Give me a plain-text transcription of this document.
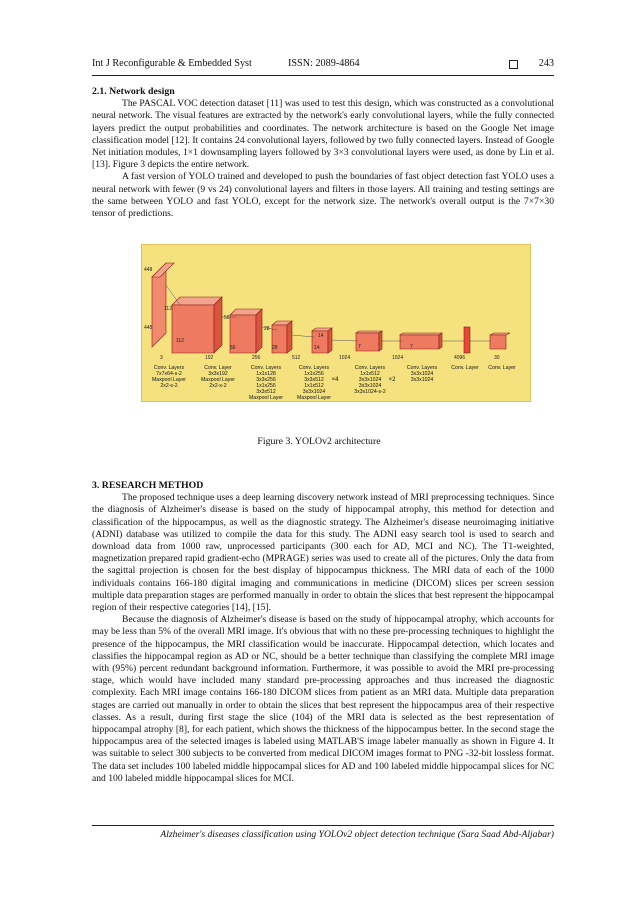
Int J Reconfigurable & Embedded Syst	ISSN: 2089-4864	243
2.1. Network design

The PASCAL VOC detection dataset [11] was used to test this design, which was constructed as a convolutional neural network. The visual features are extracted by the network's early convolutional layers, while the fully connected layers predict the output probabilities and coordinates. The network architecture is based on the Google Net image classification model [12]. It contains 24 convolutional layers, followed by two fully connected layers. Instead of Google Net initiation modules, 1×1 downsampling layers followed by 3×3 convolutional layers were used, as done by Lin et al. [13]. Figure 3 depicts the entire network.

A fast version of YOLO trained and developed to push the boundaries of fast object detection fast YOLO uses a neural network with fewer (9 vs 24) convolutional layers and filters in those layers. All training and testing settings are the same between YOLO and fast YOLO, except for the network size. The network's overall output is the 7×7×30 tensor of predictions.

448
112
448
3
112
56
192
56
28
256
28
512
14
14
1024
7
1024
7
4096	30
Conv. Layers
7x7x64-s-2
Maxpool Layer
2x2-s-2
Conv. Layer
3x3x192
Maxpool Layer
2x2-s-2
Conv. Layers
1x1x128
3x3x256
1x1x256
3x3x512
Maxpool Layer
Conv. Layers
1x1x256
3x3x512
1x1x512
3x3x1024
Maxpool Layer
×4
Conv. Layers
1x1x512
3x3x1024
3x3x1024
3x3x1024-s-2
×2
Conv. Layers
3x3x1024
3x3x1024
Conv. Layer Conv. Layer
Figure 3. YOLOv2 architecture
3. RESEARCH METHOD

The proposed technique uses a deep learning discovery network instead of MRI preprocessing techniques. Since the diagnosis of Alzheimer's disease is based on the study of hippocampal atrophy, this method for detection and classification of the hippocampus, as well as the diagnostic strategy. The Alzheimer's disease neuroimaging initiative (ADNI) database was utilized to compile the data for this study. The ADNI easy search tool is used to search and download data from 1000 raw, unprocessed participants (300 each for AD, MCI and NC). The T1-weighted, magnetization prepared rapid gradient-echo (MPRAGE) series was used to create all of the pictures. Only the data from the sagittal projection is chosen for the best display of hippocampus thickness. The MRI data of each of the 1000 individuals contains 166-180 digital imaging and communications in medicine (DICOM) slices per screen session multiple data preparation stages are performed manually in order to obtain the slices that best represent the hippocampal region of their respective categories [14], [15].

Because the diagnosis of Alzheimer's disease is based on the study of hippocampal atrophy, which accounts for may be less than 5% of the overall MRI image. It's obvious that with no these pre-processing techniques to highlight the presence of the hippocampus, the MRI classification would be inaccurate. Hippocampal detection, which locates and classifies the hippocampal region as AD or NC, should be a better technique than classifying the complete MRI image with (95%) percent redundant background information. Furthermore, it was possible to avoid the MRI pre-processing stage, which would have included many standard pre-processing approaches and thus increased the diagnostic complexity. Each MRI image contains 166-180 DICOM slices from patient as an MRI data. Multiple data preparation stages are carried out manually in order to obtain the slices that best represent the hippocampus area of their respective classes. As a result, during first stage the slice (104) of the MRI data is selected as the best representation of hippocampal atrophy [8], for each patient, which shows the thickness of the hippocampus better. In the second stage the hippocampus area of the selected images is labeled using MATLAB'S image labeler manually as shown in Figure 4. It was suitable to select 300 subjects to be converted from medical DICOM images format to PNG -32-bit lossless format. The data set includes 100 labeled middle hippocampal slices for AD and 100 labeled middle hippocampal slices for NC and 100 labeled middle hippocampal slices for MCI.

Alzheimer's diseases classification using YOLOv2 object detection technique (Sara Saad Abd-Aljabar)
